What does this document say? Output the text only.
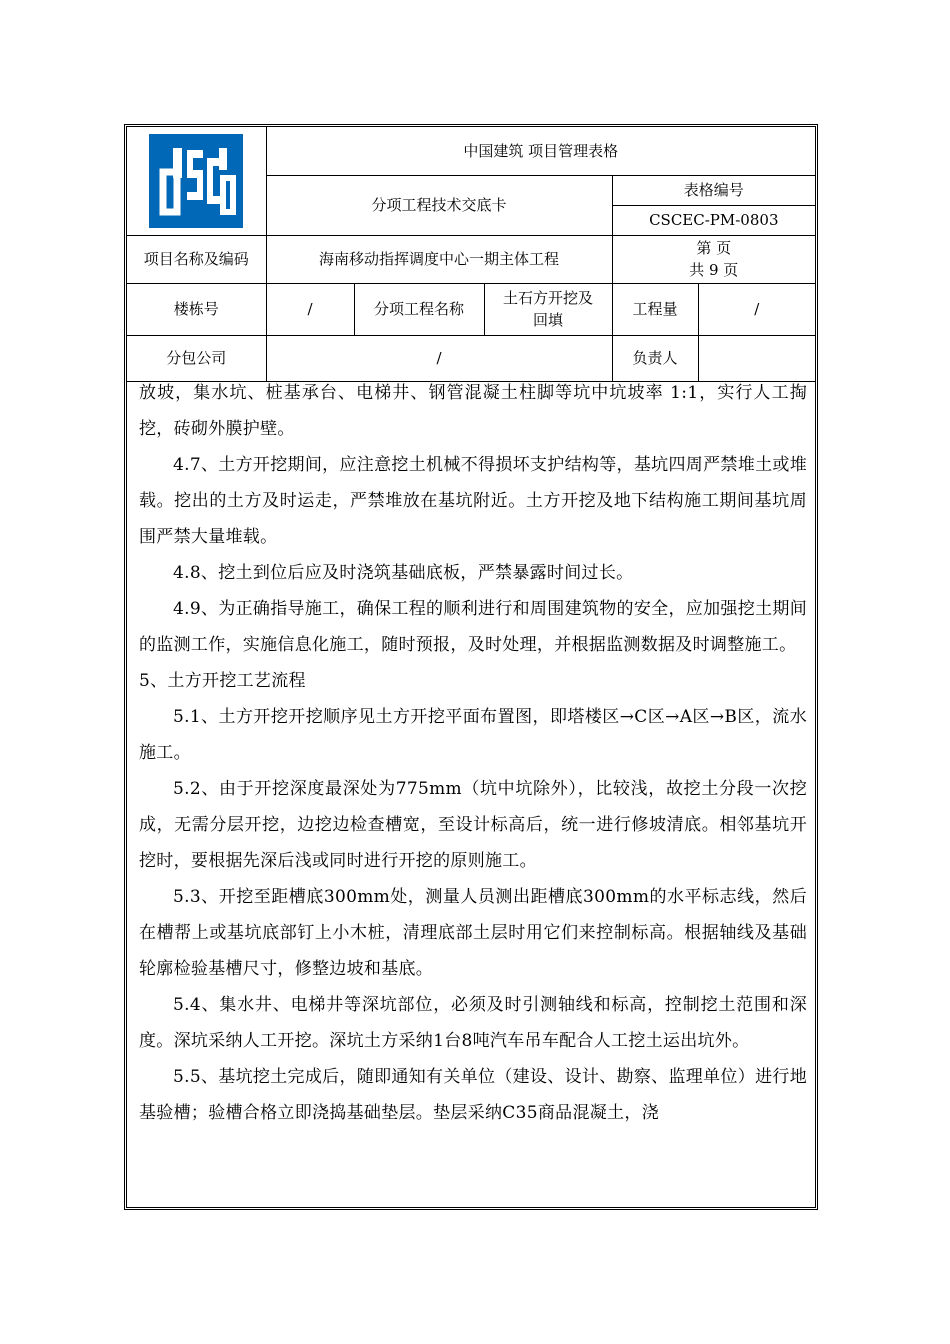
	中国建筑 项目管理表格				
	分项工程技术交底卡			表格编号	
				CSCEC-PM-0803	
项目名称及编码	海南移动指挥调度中心一期主体工程			第 页
共 9 页	

楼栋号	/	分项工程名称	土石方开挖及回填	工程量	/
分包公司	/			负责人	

放坡，集水坑、桩基承台、电梯井、钢管混凝土柱脚等坑中坑坡率 1:1，实行人工掏挖，砖砌外膜护壁。

4.7、土方开挖期间，应注意挖土机械不得损坏支护结构等，基坑四周严禁堆土或堆载。挖出的土方及时运走，严禁堆放在基坑附近。土方开挖及地下结构施工期间基坑周围严禁大量堆载。

4.8、挖土到位后应及时浇筑基础底板，严禁暴露时间过长。

4.9、为正确指导施工，确保工程的顺利进行和周围建筑物的安全，应加强挖土期间的监测工作，实施信息化施工，随时预报，及时处理，并根据监测数据及时调整施工。

5、土方开挖工艺流程

5.1、土方开挖开挖顺序见土方开挖平面布置图，即塔楼区→C区→A区→B区，流水施工。

5.2、由于开挖深度最深处为775mm（坑中坑除外），比较浅，故挖土分段一次挖成，无需分层开挖，边挖边检查槽宽，至设计标高后，统一进行修坡清底。相邻基坑开挖时，要根据先深后浅或同时进行开挖的原则施工。

5.3、开挖至距槽底300mm处，测量人员测出距槽底300mm的水平标志线，然后在槽帮上或基坑底部钉上小木桩，清理底部土层时用它们来控制标高。根据轴线及基础轮廓检验基槽尺寸，修整边坡和基底。

5.4、集水井、电梯井等深坑部位，必须及时引测轴线和标高，控制挖土范围和深度。深坑采纳人工开挖。深坑土方采纳1台8吨汽车吊车配合人工挖土运出坑外。

5.5、基坑挖土完成后，随即通知有关单位（建设、设计、勘察、监理单位）进行地基验槽；验槽合格立即浇捣基础垫层。垫层采纳C35商品混凝土，浇
